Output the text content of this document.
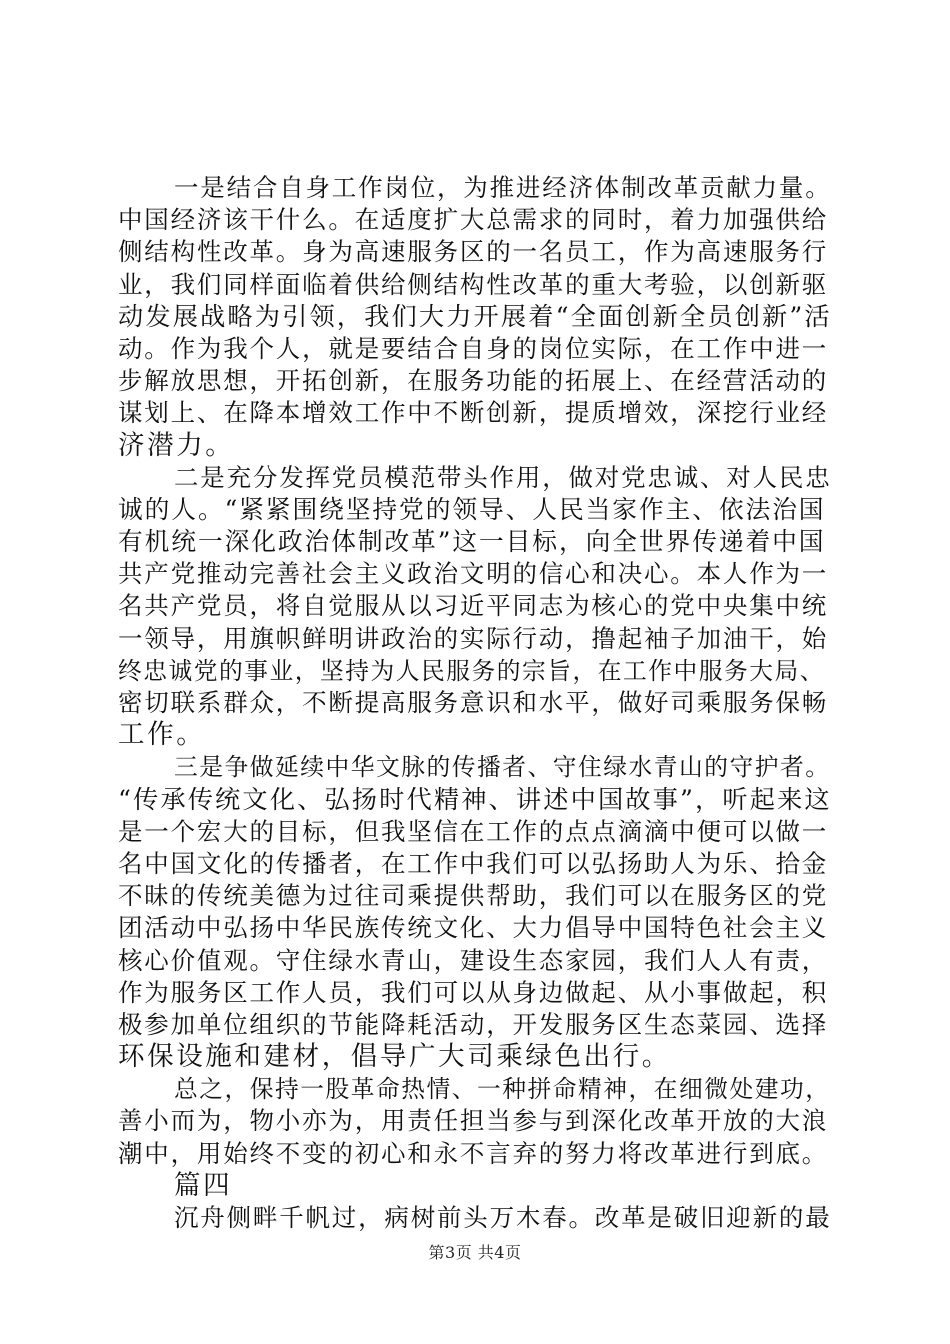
一是结合自身工作岗位，为推进经济体制改革贡献力量。
中国经济该干什么。在适度扩大总需求的同时，着力加强供给
侧结构性改革。身为高速服务区的一名员工，作为高速服务行
业，我们同样面临着供给侧结构性改革的重大考验，以创新驱
动发展战略为引领，我们大力开展着“全面创新全员创新”活
动。作为我个人，就是要结合自身的岗位实际，在工作中进一
步解放思想，开拓创新，在服务功能的拓展上、在经营活动的
谋划上、在降本增效工作中不断创新，提质增效，深挖行业经
济潜力。
二是充分发挥党员模范带头作用，做对党忠诚、对人民忠
诚的人。“紧紧围绕坚持党的领导、人民当家作主、依法治国
有机统一深化政治体制改革”这一目标，向全世界传递着中国
共产党推动完善社会主义政治文明的信心和决心。本人作为一
名共产党员，将自觉服从以习近平同志为核心的党中央集中统
一领导，用旗帜鲜明讲政治的实际行动，撸起袖子加油干，始
终忠诚党的事业，坚持为人民服务的宗旨，在工作中服务大局、
密切联系群众，不断提高服务意识和水平，做好司乘服务保畅
工作。
三是争做延续中华文脉的传播者、守住绿水青山的守护者。
“传承传统文化、弘扬时代精神、讲述中国故事”，听起来这
是一个宏大的目标，但我坚信在工作的点点滴滴中便可以做一
名中国文化的传播者，在工作中我们可以弘扬助人为乐、拾金
不昧的传统美德为过往司乘提供帮助，我们可以在服务区的党
团活动中弘扬中华民族传统文化、大力倡导中国特色社会主义
核心价值观。守住绿水青山，建设生态家园，我们人人有责，
作为服务区工作人员，我们可以从身边做起、从小事做起，积
极参加单位组织的节能降耗活动，开发服务区生态菜园、选择
环保设施和建材，倡导广大司乘绿色出行。
总之，保持一股革命热情、一种拼命精神，在细微处建功，
善小而为，物小亦为，用责任担当参与到深化改革开放的大浪
潮中，用始终不变的初心和永不言弃的努力将改革进行到底。
篇四
沉舟侧畔千帆过，病树前头万木春。改革是破旧迎新的最
第3页 共4页
